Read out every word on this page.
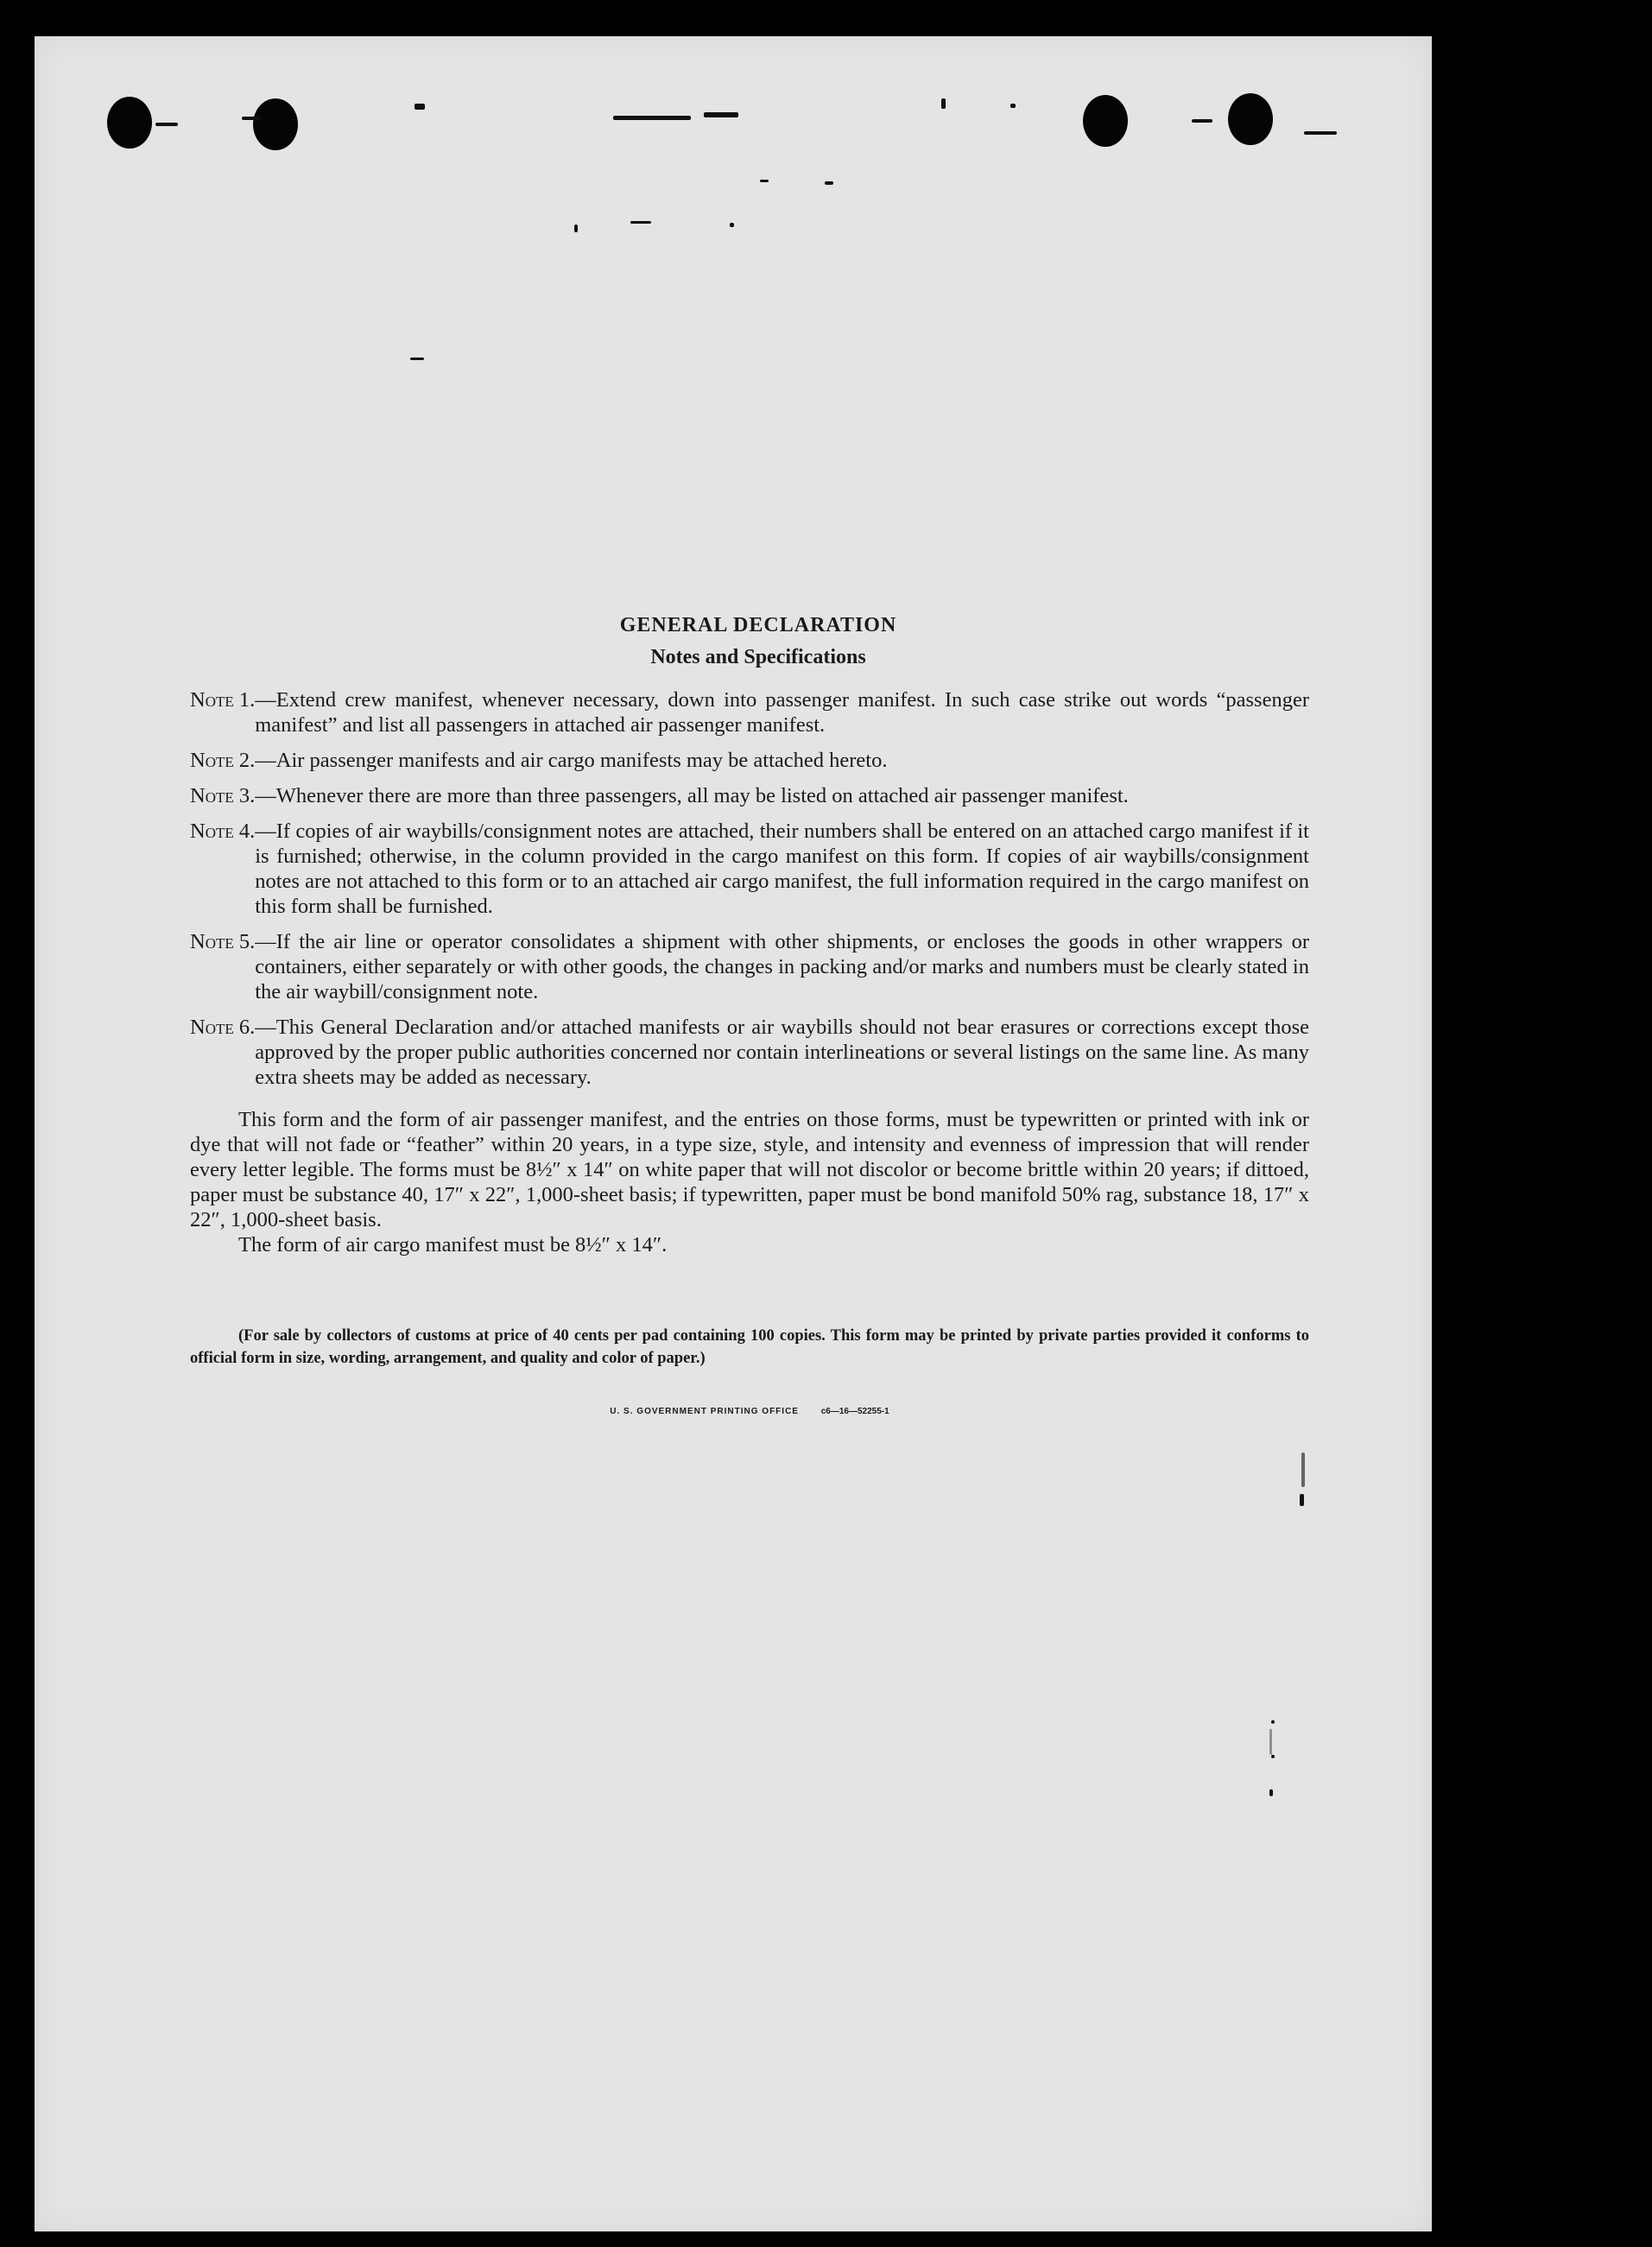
GENERAL DECLARATION
Notes and Specifications
Note 1. —Extend crew manifest, whenever necessary, down into passenger manifest. In such case strike out words “passenger manifest” and list all passengers in attached air passenger manifest.
Note 2. —Air passenger manifests and air cargo manifests may be attached hereto.
Note 3. —Whenever there are more than three passengers, all may be listed on attached air passenger manifest.
Note 4. —If copies of air waybills/consignment notes are attached, their numbers shall be entered on an attached cargo manifest if it is furnished; otherwise, in the column provided in the cargo manifest on this form. If copies of air waybills/consignment notes are not attached to this form or to an attached air cargo manifest, the full information required in the cargo manifest on this form shall be furnished.
Note 5. —If the air line or operator consolidates a shipment with other shipments, or encloses the goods in other wrappers or containers, either separately or with other goods, the changes in packing and/or marks and numbers must be clearly stated in the air waybill/consignment note.
Note 6. —This General Declaration and/or attached manifests or air waybills should not bear erasures or corrections except those approved by the proper public authorities concerned nor contain interlineations or several listings on the same line. As many extra sheets may be added as necessary.
This form and the form of air passenger manifest, and the entries on those forms, must be typewritten or printed with ink or dye that will not fade or “feather” within 20 years, in a type size, style, and intensity and evenness of impression that will render every letter legible. The forms must be 8½″ x 14″ on white paper that will not discolor or become brittle within 20 years; if dittoed, paper must be substance 40, 17″ x 22″, 1,000-sheet basis; if typewritten, paper must be bond manifold 50% rag, substance 18, 17″ x 22″, 1,000-sheet basis.
The form of air cargo manifest must be 8½″ x 14″.
(For sale by collectors of customs at price of 40 cents per pad containing 100 copies. This form may be printed by private parties provided it conforms to official form in size, wording, arrangement, and quality and color of paper.)
U. S. GOVERNMENT PRINTING OFFICE	c6—16—52255-1
